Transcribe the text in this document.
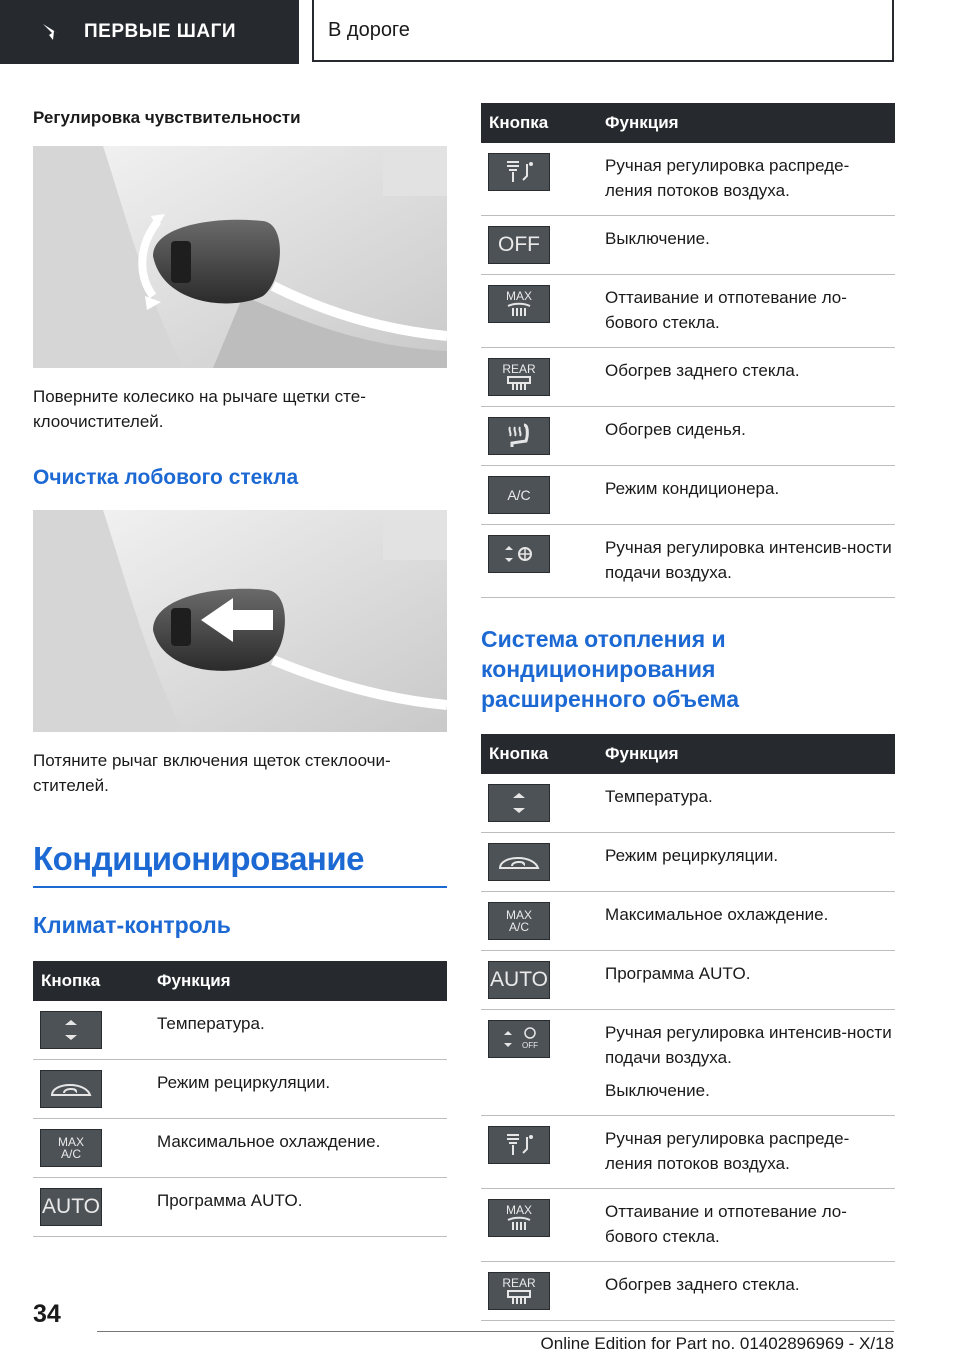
ПЕРВЫЕ ШАГИ	В дороге
Регулировка чувствительности

Поверните колесико на рычаге щетки сте-клоочистителей.

Очистка лобового стекла

Потяните рычаг включения щеток стеклоочи-стителей.

Кондиционирование
Климат-контроль
Кнопка	Функция

Температура.

Режим рециркуляции.

MAX
A/C	Максимальное охлаждение.

AUTO	Программа AUTO.

Кнопка	Функция

Ручная регулировка распреде-ления потоков воздуха.

OFF	Выключение.

MAX	Оттаивание и отпотевание ло-бового стекла.

REAR	Обогрев заднего стекла.

Обогрев сиденья.

A/C	Режим кондиционера.

Ручная регулировка интенсив-ности подачи воздуха.

Система отопления и
кондиционирования
расширенного объема
Кнопка	Функция

Температура.

Режим рециркуляции.

MAX
A/C	Максимальное охлаждение.

AUTO	Программа AUTO.

OFF	Ручная регулировка интенсив-ности подачи воздуха.

Выключение.

Ручная регулировка распреде-ления потоков воздуха.

MAX	Оттаивание и отпотевание ло-бового стекла.

REAR	Обогрев заднего стекла.

34
Online Edition for Part no. 01402896969 - X/18
